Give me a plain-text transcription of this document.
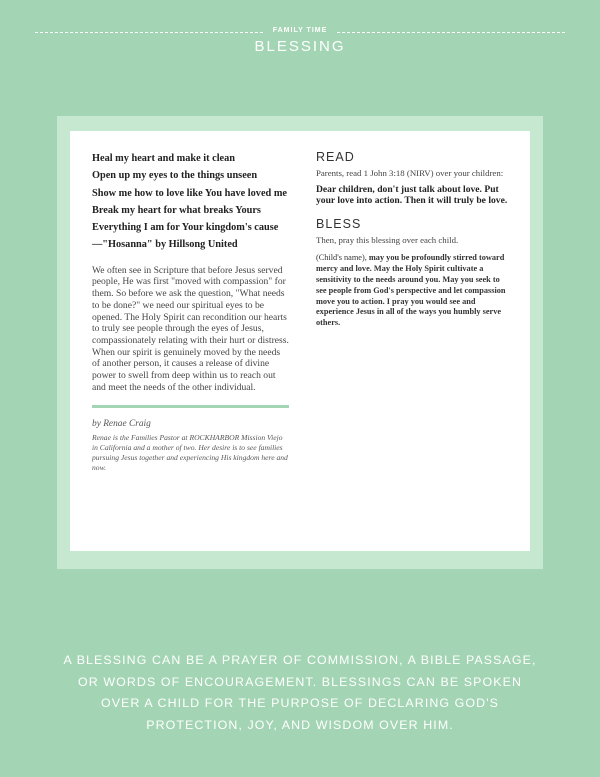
FAMILY TIME
BLESSING
Heal my heart and make it clean
Open up my eyes to the things unseen
Show me how to love like You have loved me
Break my heart for what breaks Yours
Everything I am for Your kingdom's cause
—"Hosanna" by Hillsong United
We often see in Scripture that before Jesus served people, He was first "moved with compassion" for them. So before we ask the question, "What needs to be done?" we need our spiritual eyes to be opened. The Holy Spirit can recondition our hearts to truly see people through the eyes of Jesus, compassionately relating with their hurt or distress. When our spirit is genuinely moved by the needs of another person, it causes a release of divine power to swell from deep within us to reach out and meet the needs of the other individual.
by Renae Craig
Renae is the Families Pastor at ROCKHARBOR Mission Viejo in California and a mother of two. Her desire is to see families pursuing Jesus together and experiencing His kingdom here and now.
READ
Parents, read 1 John 3:18 (NIRV) over your children:
Dear children, don't just talk about love. Put your love into action. Then it will truly be love.
BLESS
Then, pray this blessing over each child.
(Child's name), may you be profoundly stirred toward mercy and love. May the Holy Spirit cultivate a sensitivity to the needs around you. May you seek to see people from God's perspective and let compassion move you to action. I pray you would see and experience Jesus in all of the ways you humbly serve others.
A BLESSING CAN BE A PRAYER OF COMMISSION, A BIBLE PASSAGE, OR WORDS OF ENCOURAGEMENT. BLESSINGS CAN BE SPOKEN OVER A CHILD FOR THE PURPOSE OF DECLARING GOD'S PROTECTION, JOY, AND WISDOM OVER HIM.
